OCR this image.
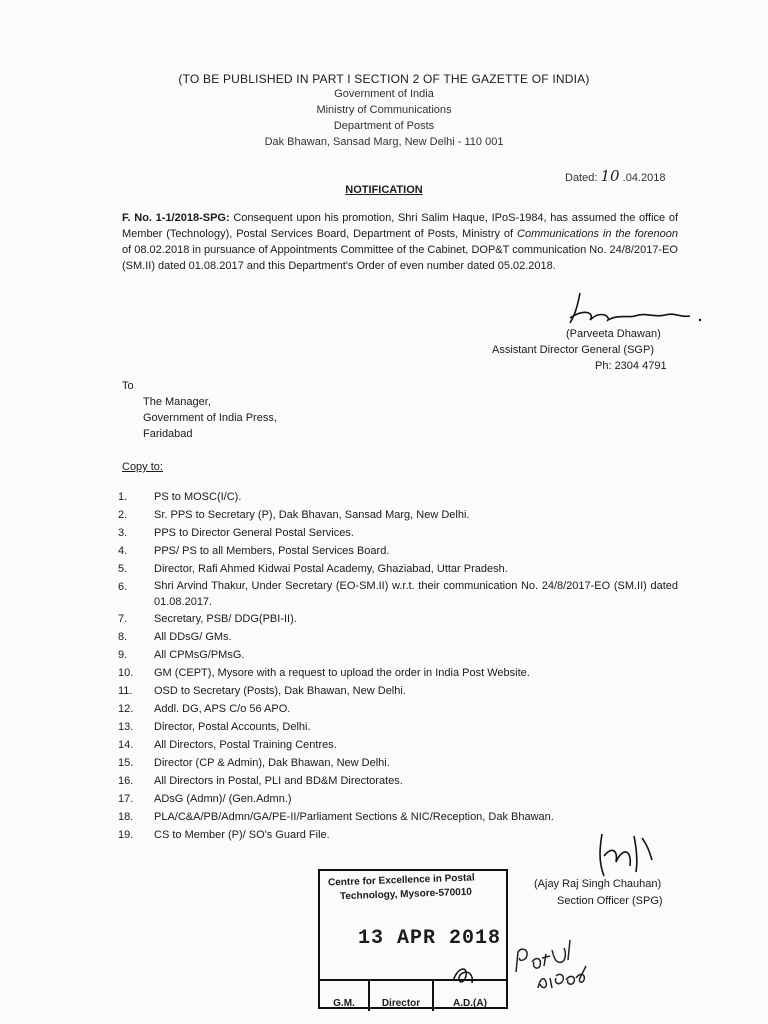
(TO BE PUBLISHED IN PART I SECTION 2 OF THE GAZETTE OF INDIA)
Government of India
Ministry of Communications
Department of Posts
Dak Bhawan, Sansad Marg, New Delhi - 110 001
Dated: 10 .04.2018
NOTIFICATION
F. No. 1-1/2018-SPG: Consequent upon his promotion, Shri Salim Haque, IPoS-1984, has assumed the office of Member (Technology), Postal Services Board, Department of Posts, Ministry of Communications in the forenoon of 08.02.2018 in pursuance of Appointments Committee of the Cabinet, DOP&T communication No. 24/8/2017-EO (SM.II) dated 01.08.2017 and this Department's Order of even number dated 05.02.2018.
(Parveeta Dhawan)
Assistant Director General (SGP)
Ph: 2304 4791
To
The Manager,
Government of India Press,
Faridabad
Copy to:
1.	PS to MOSC(I/C).
2.	Sr. PPS to Secretary (P), Dak Bhavan, Sansad Marg, New Delhi.
3.	PPS to Director General Postal Services.
4.	PPS/ PS to all Members, Postal Services Board.
5.	Director, Rafi Ahmed Kidwai Postal Academy, Ghaziabad, Uttar Pradesh.
6.	Shri Arvind Thakur, Under Secretary (EO-SM.II) w.r.t. their communication No. 24/8/2017-EO (SM.II) dated 01.08.2017.
7.	Secretary, PSB/ DDG(PBI-II).
8.	All DDsG/ GMs.
9.	All CPMsG/PMsG.
10.	GM (CEPT), Mysore with a request to upload the order in India Post Website.
11.	OSD to Secretary (Posts), Dak Bhawan, New Delhi.
12.	Addl. DG, APS C/o 56 APO.
13.	Director, Postal Accounts, Delhi.
14.	All Directors, Postal Training Centres.
15.	Director (CP & Admin), Dak Bhawan, New Delhi.
16.	All Directors in Postal, PLI and BD&M Directorates.
17.	ADsG (Admn)/ (Gen.Admn.)
18.	PLA/C&A/PB/Admn/GA/PE-II/Parliament Sections & NIC/Reception, Dak Bhawan.
19.	CS to Member (P)/ SO's Guard File.
Centre for Excellence in Postal
Technology, Mysore-570010
13 APR 2018
G.M.	Director	A.D.(A)
(Ajay Raj Singh Chauhan)
Section Officer (SPG)
